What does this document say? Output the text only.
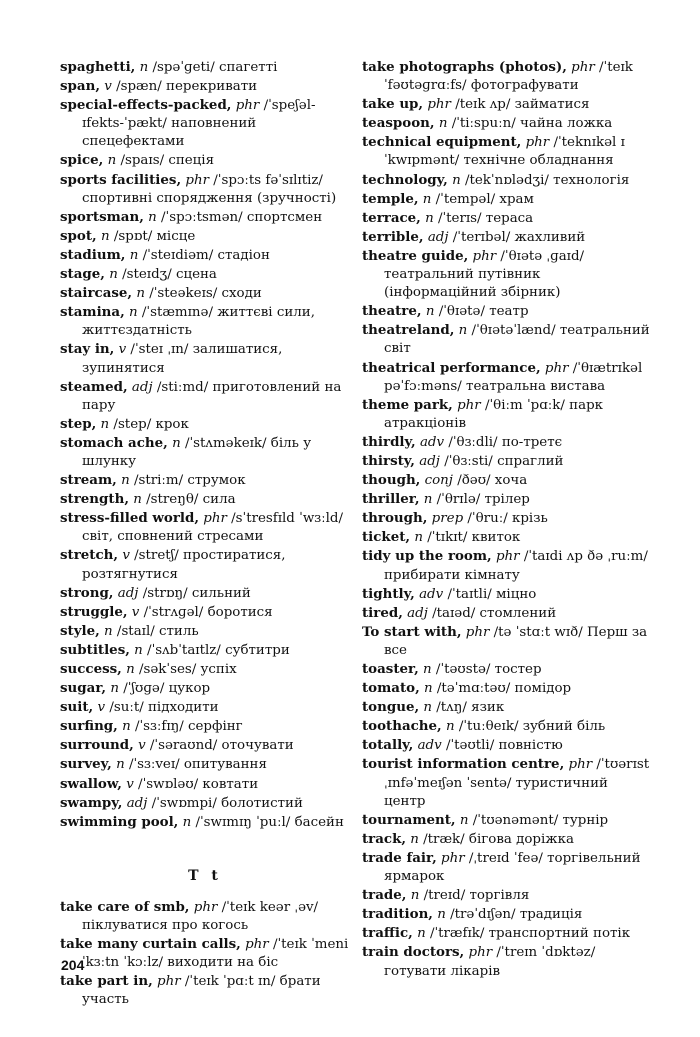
spaghetti, n /spəˈɡeti/ спагетті

span, v /spæn/ перекривати

special-effects-packed, phr /ˈspeʃəl-ɪfekts-ˈpækt/ наповнений спецефектами

spice, n /spaɪs/ спеція

sports facilities, phr /ˈspɔːts fəˈsɪlɪtiz/ спортивні спорядження (зручності)

sportsman, n /ˈspɔːtsmən/ спортсмен

spot, n /spɒt/ місце

stadium, n /ˈsteɪdiəm/ стадіон

stage, n /steɪdʒ/ сцена

staircase, n /ˈsteəkeɪs/ сходи

stamina, n /ˈstæmɪnə/ життєві сили, життєздатність

stay in, v /ˈsteɪ ˌɪn/ залишатися, зупинятися

steamed, adj /stiːmd/ приготовлений на пару

step, n /step/ крок

stomach ache, n /ˈstʌməkeɪk/ біль у шлунку

stream, n /striːm/ струмок

strength, n /streŋθ/ сила

stress-filled world, phr /sˈtresfɪld ˈwɜːld/ світ, сповнений стресами

stretch, v /stretʃ/ простиратися, розтягнутися

strong, adj /strɒŋ/ сильний

struggle, v /ˈstrʌɡəl/ боротися

style, n /staɪl/ стиль

subtitles, n /ˈsʌbˈtaɪtlz/ субтитри

success, n /səkˈses/ успіх

sugar, n /ˈʃʊɡə/ цукор

suit, v /suːt/ підходити

surfing, n /ˈsɜːfɪŋ/ серфінг

surround, v /ˈsəraʊnd/ оточувати

survey, n /ˈsɜːveɪ/ опитування

swallow, v /ˈswɒləʊ/ ковтати

swampy, adj /ˈswɒmpi/ болотистий

swimming pool, n /ˈswɪmɪŋ ˈpuːl/ басейн

T t

take care of smb, phr /ˈteɪk keər ˌəv/ піклуватися про когось

take many curtain calls, phr /ˈteɪk ˈmeni ˈkɜːtn ˈkɔːlz/ виходити на біс

take part in, phr /ˈteɪk ˈpɑːt ɪn/ брати участь

take photographs (photos), phr /ˈteɪk ˈfəʊtəɡrɑːfs/ фотографувати

take up, phr /teɪk ʌp/ займатися

teaspoon, n /ˈtiːspuːn/ чайна ложка

technical equipment, phr /ˈteknɪkəl ɪˈkwɪpmənt/ технічне обладнання

technology, n /tekˈnɒlədʒi/ технологія

temple, n /ˈtempəl/ храм

terrace, n /ˈterɪs/ тераса

terrible, adj /ˈterɪbəl/ жахливий

theatre guide, phr /ˈθɪətə ˌɡaɪd/ театральний путівник (інформаційний збірник)

theatre, n /ˈθɪətə/ театр

theatreland, n /ˈθɪətəˈlænd/ театральний світ

theatrical performance, phr /ˈθɪætrɪkəl pəˈfɔːməns/ театральна вистава

theme park, phr /ˈθiːm ˈpɑːk/ парк атракціонів

thirdly, adv /ˈθɜːdli/ по-третє

thirsty, adj /ˈθɜːsti/ спраглий

though, conj /ðəʊ/ хоча

thriller, n /ˈθrɪlə/ трілер

through, prep /ˈθruː/ крізь

ticket, n /ˈtɪkɪt/ квиток

tidy up the room, phr /ˈtaɪdi ʌp ðə ˌruːm/ прибирати кімнату

tightly, adv /ˈtaɪtli/ міцно

tired, adj /taɪəd/ стомлений

To start with, phr /tə ˈstɑːt wɪð/ Перш за все

toaster, n /ˈtəʊstə/ тостер

tomato, n /təˈmɑːtəʊ/ помідор

tongue, n /tʌŋ/ язик

toothache, n /ˈtuːθeɪk/ зубний біль

totally, adv /ˈtəʊtli/ повністю

tourist information centre, phr /ˈtʊərɪst ˌɪnfəˈmeɪʃən ˈsentə/ туристичний центр

tournament, n /ˈtʊənəmənt/ турнір

track, n /træk/ бігова доріжка

trade fair, phr /ˌtreɪd ˈfeə/ торгівельний ярмарок

trade, n /treɪd/ торгівля

tradition, n /trəˈdɪʃən/ традиція

traffic, n /ˈtræfɪk/ транспортний потік

train doctors, phr /ˈtreɪn ˈdɒktəz/ готувати лікарів

204
